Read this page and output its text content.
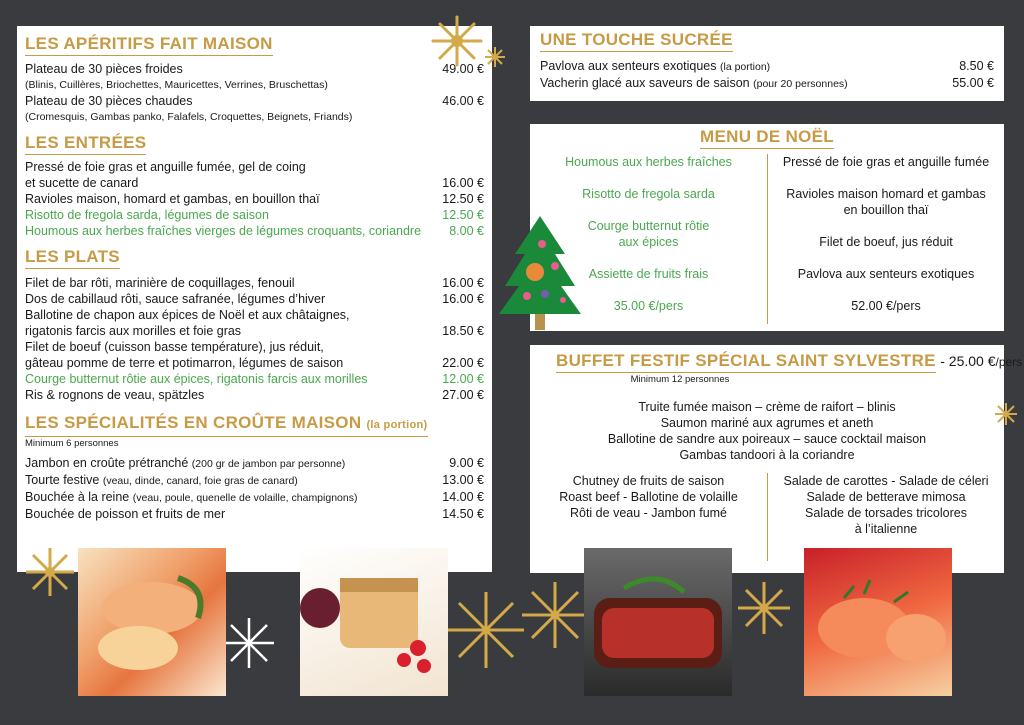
LES APÉRITIFS FAIT MAISON
Plateau de 30 pièces froides	49.00 €
(Blinis, Cuillères, Briochettes, Mauricettes, Verrines, Bruschettas)
Plateau de 30 pièces chaudes	46.00 €
(Cromesquis, Gambas panko, Falafels, Croquettes, Beignets, Friands)
LES ENTRÉES
Pressé de foie gras et anguille fumée, gel de coing
et sucette de canard	16.00 €
Ravioles maison, homard et gambas, en bouillon thaï	12.50 €
Risotto de fregola sarda, légumes de saison	12.50 €
Houmous aux herbes fraîches vierges de légumes croquants, coriandre	8.00 €
LES PLATS
Filet de bar rôti, marinière de coquillages, fenouil	16.00 €
Dos de cabillaud rôti, sauce safranée, légumes d’hiver	16.00 €
Ballotine de chapon aux épices de Noël et aux châtaignes,
rigatonis farcis aux morilles et foie gras	18.50 €
Filet de boeuf (cuisson basse température), jus réduit,
gâteau pomme de terre et potimarron, légumes de saison	22.00 €
Courge butternut rôtie aux épices, rigatonis farcis aux morilles	12.00 €
Ris & rognons de veau, spätzles	27.00 €
LES SPÉCIALITÉS EN CROÛTE MAISON (la portion)
Minimum 6 personnes
Jambon en croûte prétranché (200 gr de jambon par personne)	9.00 €
Tourte festive (veau, dinde, canard, foie gras de canard)	13.00 €
Bouchée à la reine (veau, poule, quenelle de volaille, champignons)	14.00 €
Bouchée de poisson et fruits de mer	14.50 €
UNE TOUCHE SUCRÉE
Pavlova aux senteurs exotiques (la portion)	8.50 €
Vacherin glacé aux saveurs de saison (pour 20 personnes)	55.00 €
MENU DE NOËL
Houmous aux herbes fraîches
Risotto de fregola sarda
Courge butternut rôtie
aux épices
Assiette de fruits frais
35.00 €/pers
Pressé de foie gras et anguille fumée
Ravioles maison homard et gambas
en bouillon thaï
Filet de boeuf, jus réduit
Pavlova aux senteurs exotiques
52.00 €/pers
BUFFET FESTIF SPÉCIAL SAINT SYLVESTRE - 25.00 €/pers
Minimum 12 personnes
Truite fumée maison – crème de raifort – blinis
Saumon mariné aux agrumes et aneth
Ballotine de sandre aux poireaux – sauce cocktail maison
Gambas tandoori à la coriandre
Chutney de fruits de saison
Roast beef - Ballotine de volaille
Rôti de veau - Jambon fumé
Salade de carottes - Salade de céleri
Salade de betterave mimosa
Salade de torsades tricolores
à l’italienne
